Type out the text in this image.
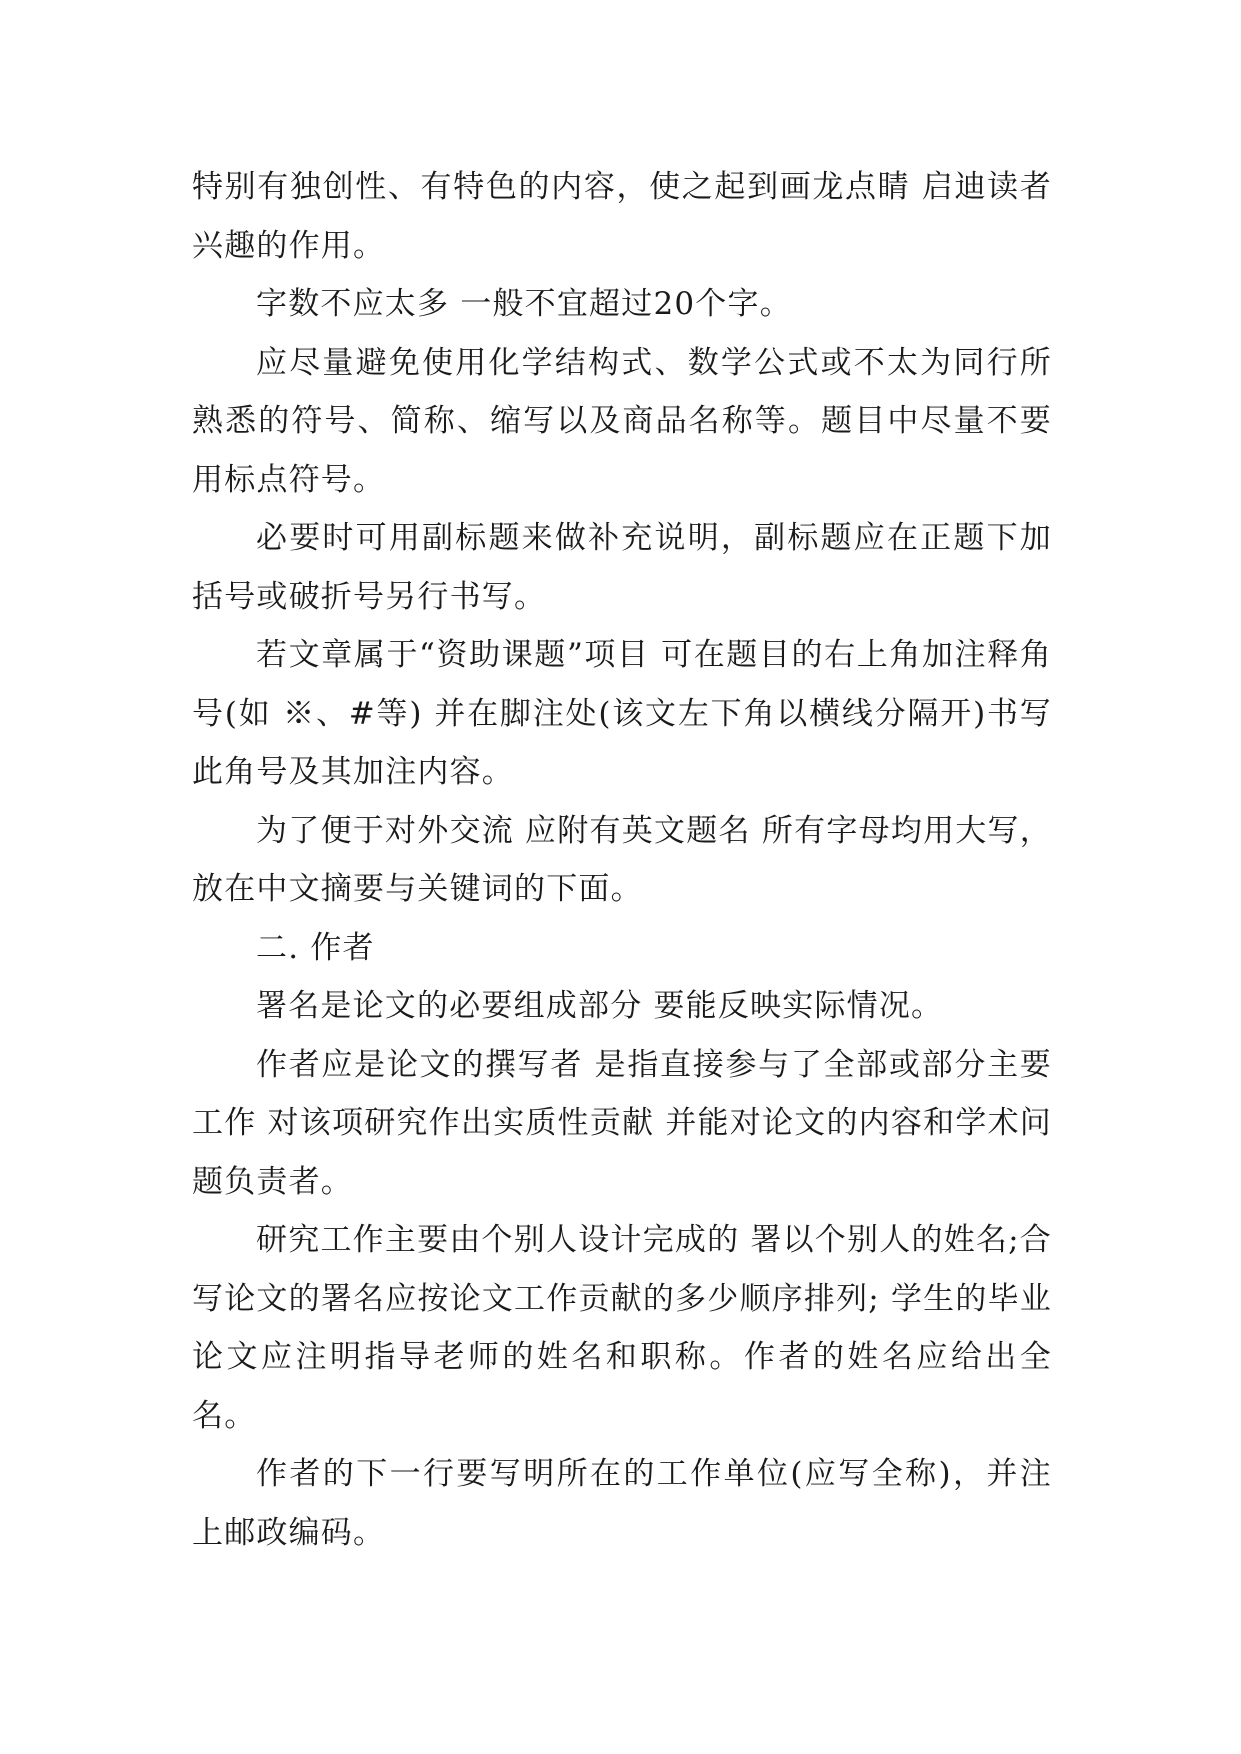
特别有独创性、有特色的内容，使之起到画龙点睛 启迪读者兴趣的作用。

字数不应太多 一般不宜超过20个字。

应尽量避免使用化学结构式、数学公式或不太为同行所熟悉的符号、简称、缩写以及商品名称等。题目中尽量不要用标点符号。

必要时可用副标题来做补充说明，副标题应在正题下加括号或破折号另行书写。

若文章属于“资助课题”项目 可在题目的右上角加注释角号(如 ※、#等) 并在脚注处(该文左下角以横线分隔开)书写此角号及其加注内容。

为了便于对外交流 应附有英文题名 所有字母均用大写，放在中文摘要与关键词的下面。

二. 作者

署名是论文的必要组成部分 要能反映实际情况。

作者应是论文的撰写者 是指直接参与了全部或部分主要工作 对该项研究作出实质性贡献 并能对论文的内容和学术问题负责者。

研究工作主要由个别人设计完成的 署以个别人的姓名;合写论文的署名应按论文工作贡献的多少顺序排列; 学生的毕业论文应注明指导老师的姓名和职称。作者的姓名应给出全名。

作者的下一行要写明所在的工作单位(应写全称)，并注上邮政编码。
